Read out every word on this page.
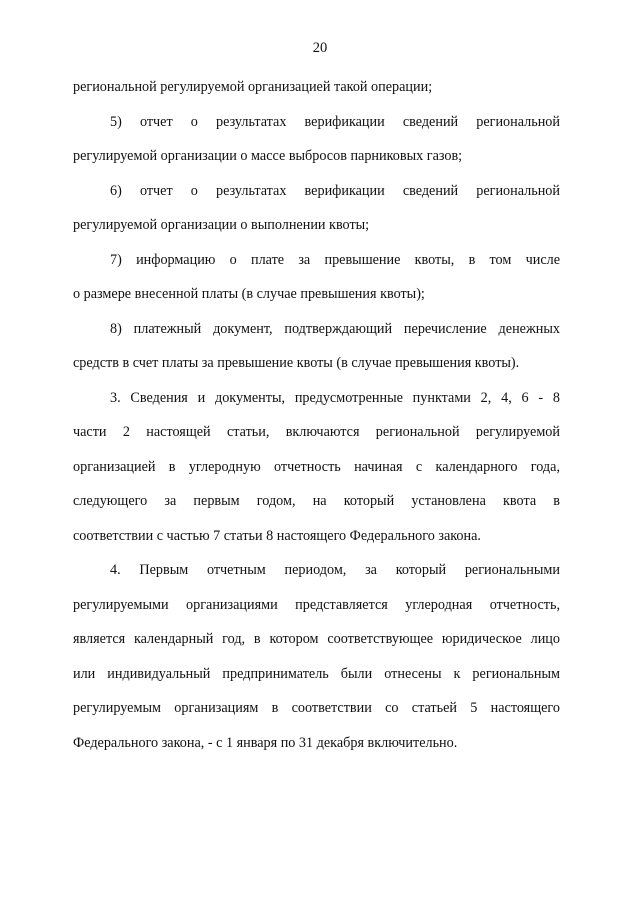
20
региональной регулируемой организацией такой операции;
5) отчет о результатах верификации сведений региональной
регулируемой организации о массе выбросов парниковых газов;
6) отчет о результатах верификации сведений региональной
регулируемой организации о выполнении квоты;
7) информацию о плате за превышение квоты, в том числе
о размере внесенной платы (в случае превышения квоты);
8) платежный документ, подтверждающий перечисление денежных
средств в счет платы за превышение квоты (в случае превышения квоты).
3. Сведения и документы, предусмотренные пунктами 2, 4, 6 - 8
части 2 настоящей статьи, включаются региональной регулируемой
организацией в углеродную отчетность начиная с календарного года,
следующего за первым годом, на который установлена квота в
соответствии с частью 7 статьи 8 настоящего Федерального закона.
4. Первым отчетным периодом, за который региональными
регулируемыми организациями представляется углеродная отчетность,
является календарный год, в котором соответствующее юридическое лицо
или индивидуальный предприниматель были отнесены к региональным
регулируемым организациям в соответствии со статьей 5 настоящего
Федерального закона, - с 1 января по 31 декабря включительно.
